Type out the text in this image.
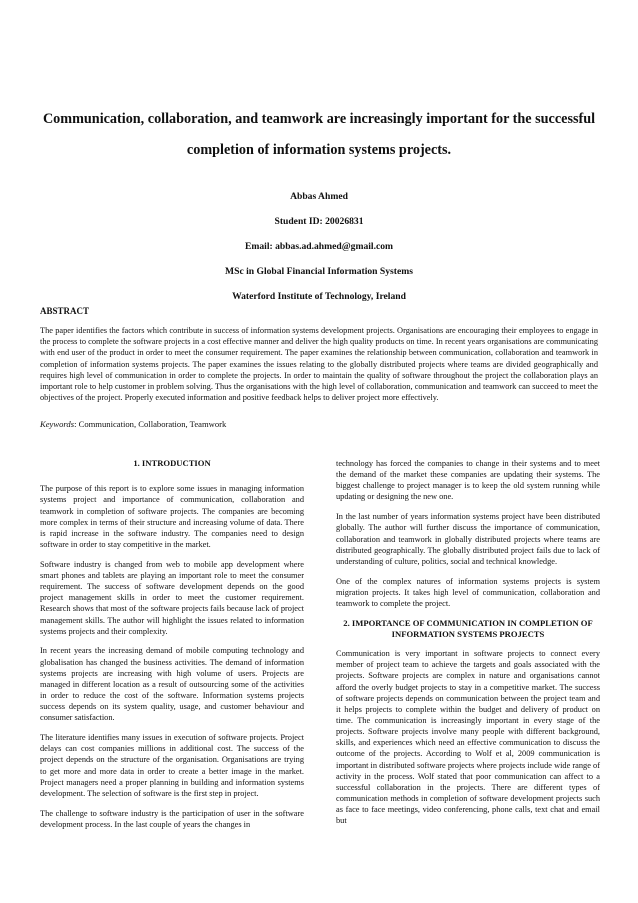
Communication, collaboration, and teamwork are increasingly important for the successful completion of information systems projects.
Abbas Ahmed
Student ID: 20026831
Email: abbas.ad.ahmed@gmail.com
MSc in Global Financial Information Systems
Waterford Institute of Technology, Ireland
ABSTRACT
The paper identifies the factors which contribute in success of information systems development projects. Organisations are encouraging their employees to engage in the process to complete the software projects in a cost effective manner and deliver the high quality products on time. In recent years organisations are communicating with end user of the product in order to meet the consumer requirement. The paper examines the relationship between communication, collaboration and teamwork in completion of information systems projects. The paper examines the issues relating to the globally distributed projects where teams are divided geographically and requires high level of communication in order to complete the projects. In order to maintain the quality of software throughout the project the collaboration plays an important role to help customer in problem solving. Thus the organisations with the high level of collaboration, communication and teamwork can succeed to meet the objectives of the project. Properly executed information and positive feedback helps to deliver project more effectively.
Keywords: Communication, Collaboration, Teamwork
1. INTRODUCTION

The purpose of this report is to explore some issues in managing information systems project and importance of communication, collaboration and teamwork in completion of software projects. The companies are becoming more complex in terms of their structure and increasing volume of data. There is rapid increase in the software industry. The companies need to design software in order to stay competitive in the market.

Software industry is changed from web to mobile app development where smart phones and tablets are playing an important role to meet the consumer requirement. The success of software development depends on the good project management skills in order to meet the customer requirement. Research shows that most of the software projects fails because lack of project management skills. The author will highlight the issues related to information systems projects and their complexity.

In recent years the increasing demand of mobile computing technology and globalisation has changed the business activities. The demand of information systems projects are increasing with high volume of users. Projects are managed in different location as a result of outsourcing some of the activities in order to reduce the cost of the software. Information systems projects success depends on its system quality, usage, and customer behaviour and consumer satisfaction.

The literature identifies many issues in execution of software projects. Project delays can cost companies millions in additional cost. The success of the project depends on the structure of the organisation. Organisations are trying to get more and more data in order to create a better image in the market. Project managers need a proper planning in building and information systems development. The selection of software is the first step in project.

The challenge to software industry is the participation of user in the software development process. In the last couple of years the changes in

technology has forced the companies to change in their systems and to meet the demand of the market these companies are updating their systems. The biggest challenge to project manager is to keep the old system running while updating or designing the new one.

In the last number of years information systems project have been distributed globally. The author will further discuss the importance of communication, collaboration and teamwork in globally distributed projects where teams are distributed geographically. The globally distributed project fails due to lack of understanding of culture, politics, social and technical knowledge.

One of the complex natures of information systems projects is system migration projects. It takes high level of communication, collaboration and teamwork to complete the project.

2. IMPORTANCE OF COMMUNICATION IN COMPLETION OF INFORMATION SYSTEMS PROJECTS

Communication is very important in software projects to connect every member of project team to achieve the targets and goals associated with the projects. Software projects are complex in nature and organisations cannot afford the overly budget projects to stay in a competitive market. The success of software projects depends on communication between the project team and it helps projects to complete within the budget and delivery of product on time. The communication is increasingly important in every stage of the projects. Software projects involve many people with different background, skills, and experiences which need an effective communication to discuss the outcome of the projects. According to Wolf et al, 2009 communication is important in distributed software projects where projects include wide range of activity in the process. Wolf stated that poor communication can affect to a successful collaboration in the projects. There are different types of communication methods in completion of software development projects such as face to face meetings, video conferencing, phone calls, text chat and email but
